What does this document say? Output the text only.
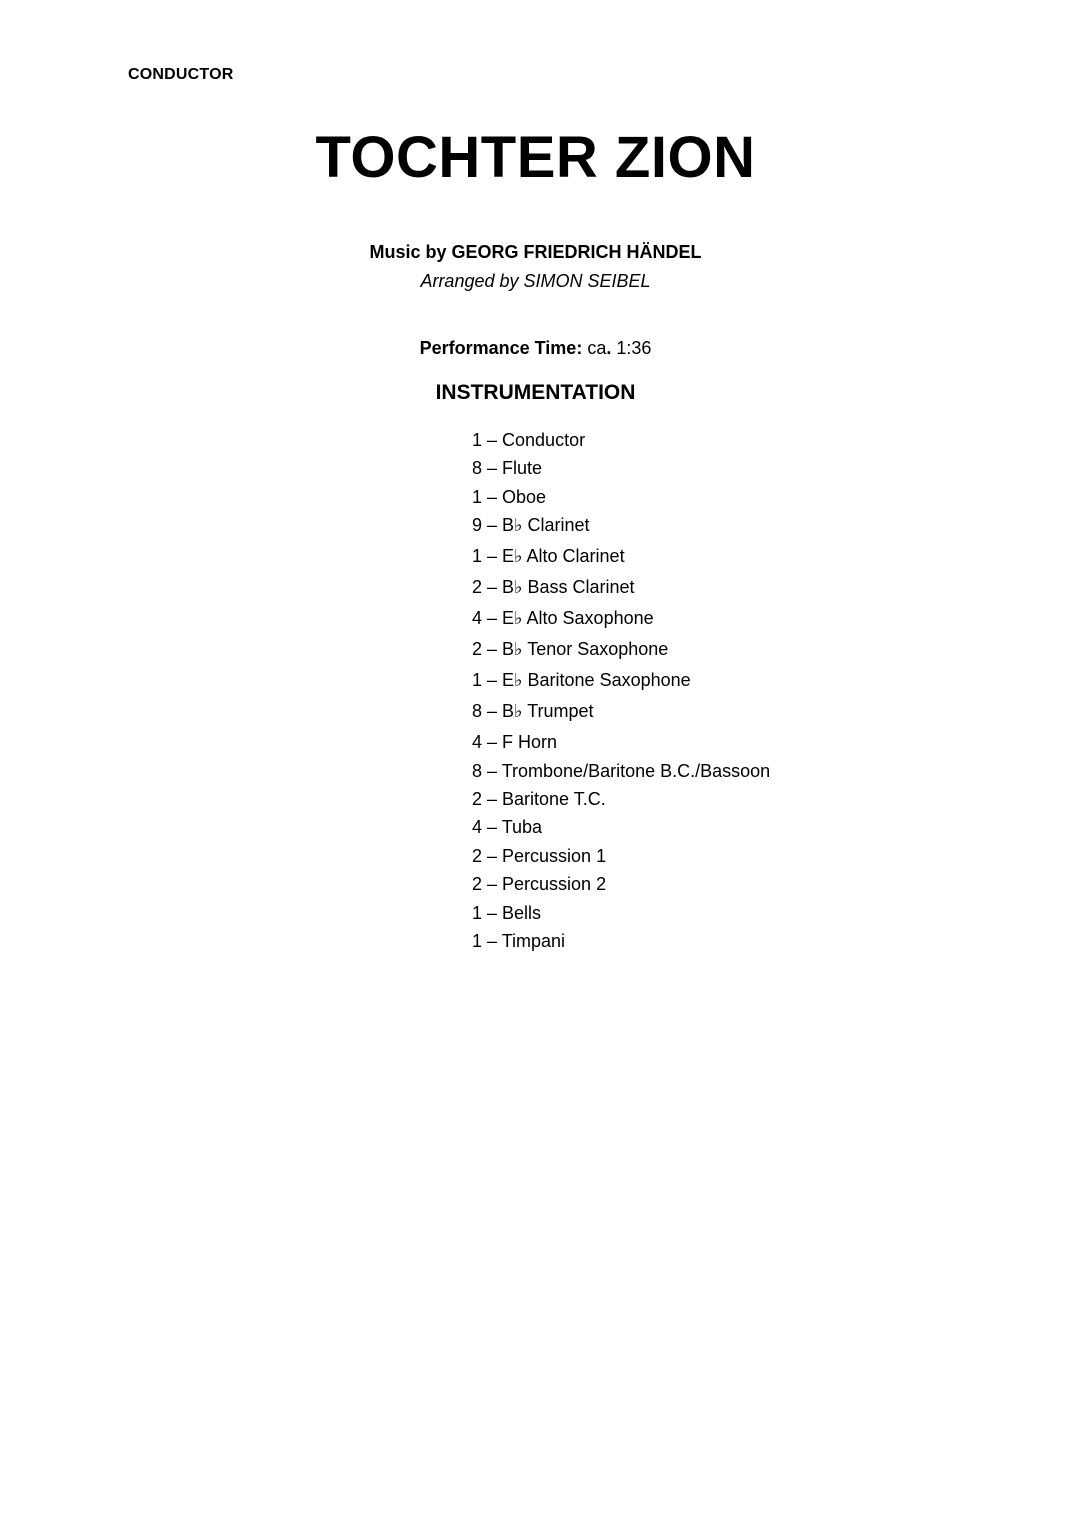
CONDUCTOR
TOCHTER ZION
Music by GEORG FRIEDRICH HÄNDEL
Arranged by SIMON SEIBEL
Performance Time: ca. 1:36
INSTRUMENTATION
1 – Conductor
8 – Flute
1 – Oboe
9 – B♭ Clarinet
1 – E♭ Alto Clarinet
2 – B♭ Bass Clarinet
4 – E♭ Alto Saxophone
2 – B♭ Tenor Saxophone
1 – E♭ Baritone Saxophone
8 – B♭ Trumpet
4 – F Horn
8 – Trombone/Baritone B.C./Bassoon
2 – Baritone T.C.
4 – Tuba
2 – Percussion 1
2 – Percussion 2
1 – Bells
1 – Timpani
